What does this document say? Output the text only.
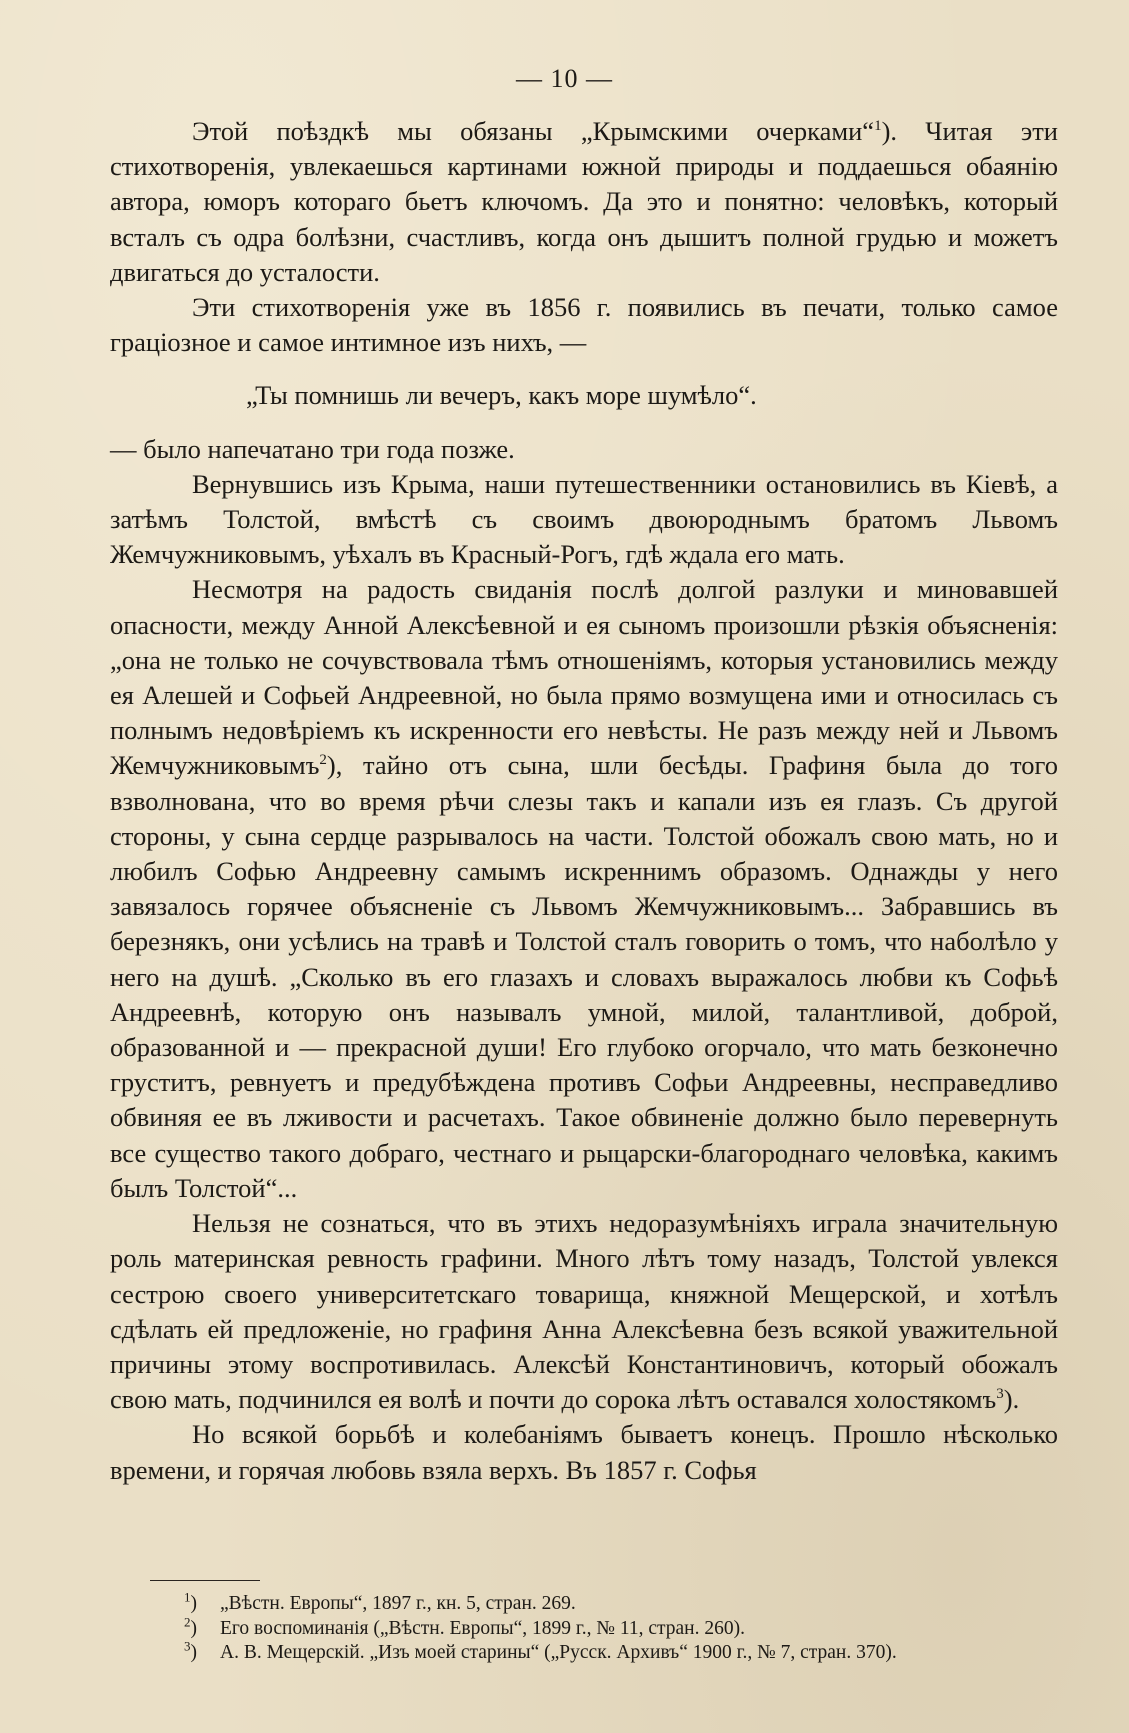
— 10 —

Этой поѣздкѣ мы обязаны „Крымскими очерками“$^1$). Читая эти стихотворенія, увлекаешься картинами южной природы и поддаешься обаянію автора, юморъ котораго бьетъ ключомъ. Да это и понятно: человѣкъ, который всталъ съ одра болѣзни, счастливъ, когда онъ дышитъ полной грудью и можетъ двигаться до усталости.

Эти стихотворенія уже въ 1856 г. появились въ печати, только самое граціозное и самое интимное изъ нихъ, —

„Ты помнишь ли вечеръ, какъ море шумѣло“.

— было напечатано три года позже.

Вернувшись изъ Крыма, наши путешественники остановились въ Кіевѣ, а затѣмъ Толстой, вмѣстѣ съ своимъ двоюроднымъ братомъ Львомъ Жемчужниковымъ, уѣхалъ въ Красный-Рогъ, гдѣ ждала его мать.

Несмотря на радость свиданія послѣ долгой разлуки и миновавшей опасности, между Анной Алексѣевной и ея сыномъ произошли рѣзкія объясненія: „она не только не сочувствовала тѣмъ отношеніямъ, которыя установились между ея Алешей и Софьей Андреевной, но была прямо возмущена ими и относилась съ полнымъ недовѣріемъ къ искренности его невѣсты. Не разъ между ней и Львомъ Жемчужниковымъ$^2$), тайно отъ сына, шли бесѣды. Графиня была до того взволнована, что во время рѣчи слезы такъ и капали изъ ея глазъ. Съ другой стороны, у сына сердце разрывалось на части. Толстой обожалъ свою мать, но и любилъ Софью Андреевну самымъ искреннимъ образомъ. Однажды у него завязалось горячее объясненіе съ Львомъ Жемчужниковымъ... Забравшись въ березнякъ, они усѣлись на травѣ и Толстой сталъ говорить о томъ, что наболѣло у него на душѣ. „Сколько въ его глазахъ и словахъ выражалось любви къ Софьѣ Андреевнѣ, которую онъ называлъ умной, милой, талантливой, доброй, образованной и — прекрасной души! Его глубоко огорчало, что мать безконечно груститъ, ревнуетъ и предубѣждена противъ Софьи Андреевны, несправедливо обвиняя ее въ лживости и расчетахъ. Такое обвиненіе должно было перевернуть все существо такого добраго, честнаго и рыцарски-благороднаго человѣка, какимъ былъ Толстой“...

Нельзя не сознаться, что въ этихъ недоразумѣніяхъ играла значительную роль материнская ревность графини. Много лѣтъ тому назадъ, Толстой увлекся сестрою своего университетскаго товарища, княжной Мещерской, и хотѣлъ сдѣлать ей предложеніе, но графиня Анна Алексѣевна безъ всякой уважительной причины этому воспротивилась. Алексѣй Константиновичъ, который обожалъ свою мать, подчинился ея волѣ и почти до сорока лѣтъ оставался холостякомъ$^3$).

Но всякой борьбѣ и колебаніямъ бываетъ конецъ. Прошло нѣсколько времени, и горячая любовь взяла верхъ. Въ 1857 г. Софья

$^1$) „Вѣстн. Европы“, 1897 г., кн. 5, стран. 269.
$^2$) Его воспоминанія („Вѣстн. Европы“, 1899 г., № 11, стран. 260).
$^3$) А. В. Мещерскій. „Изъ моей старины“ („Русск. Архивъ“ 1900 г., № 7, стран. 370).
